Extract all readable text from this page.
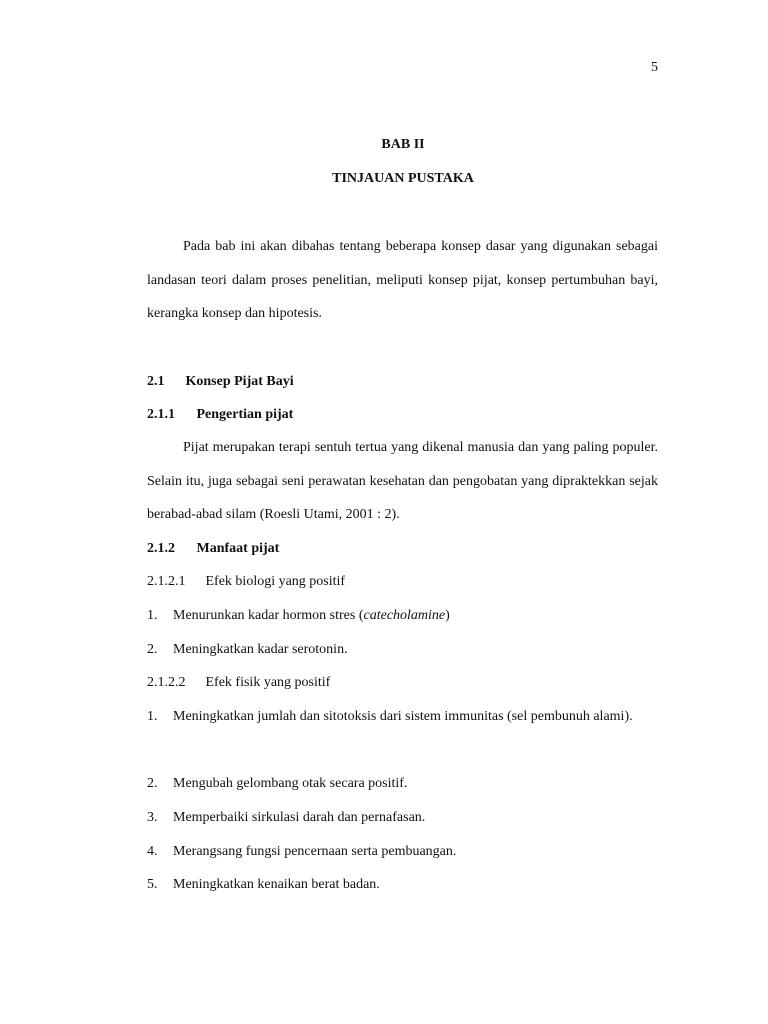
5
BAB II
TINJAUAN PUSTAKA

Pada bab ini akan dibahas tentang beberapa konsep dasar yang digunakan sebagai landasan teori dalam proses penelitian, meliputi konsep pijat, konsep pertumbuhan bayi, kerangka konsep dan hipotesis.

2.1 Konsep Pijat Bayi
2.1.1 Pengertian pijat

Pijat merupakan terapi sentuh tertua yang dikenal manusia dan yang paling populer. Selain itu, juga sebagai seni perawatan kesehatan dan pengobatan yang dipraktekkan sejak berabad-abad silam (Roesli Utami, 2001 : 2).

2.1.2 Manfaat pijat
2.1.2.1 Efek biologi yang positif
1.	Menurunkan kadar hormon stres (catecholamine)
2.	Meningkatkan kadar serotonin.
2.1.2.2 Efek fisik yang positif
1.	Meningkatkan jumlah dan sitotoksis dari sistem immunitas (sel pembunuh alami).
2.	Mengubah gelombang otak secara positif.
3.	Memperbaiki sirkulasi darah dan pernafasan.
4.	Merangsang fungsi pencernaan serta pembuangan.
5.	Meningkatkan kenaikan berat badan.
